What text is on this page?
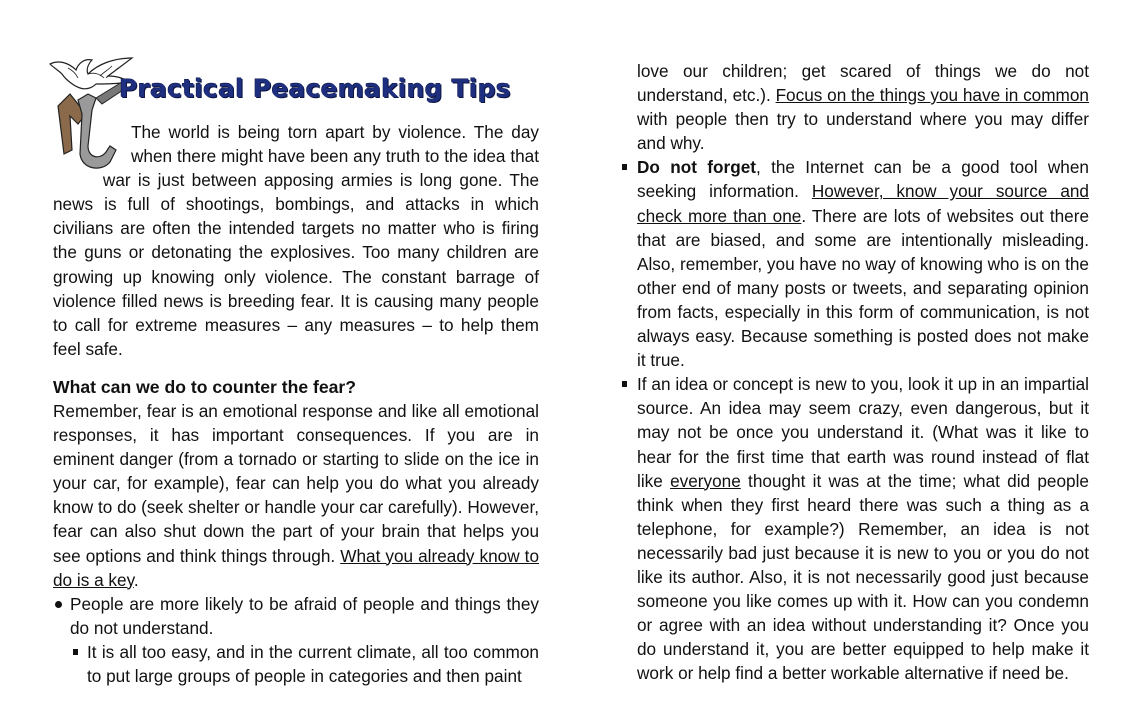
Practical Peacemaking Tips

The world is being torn apart by violence. The day when there might have been any truth to the idea that war is just between apposing armies is long gone. The news is full of shootings, bombings, and attacks in which civilians are often the intended targets no matter who is firing the guns or detonating the explosives. Too many children are growing up knowing only violence. The constant barrage of violence filled news is breeding fear. It is causing many people to call for extreme measures – any measures – to help them feel safe.

What can we do to counter the fear?

Remember, fear is an emotional response and like all emotional responses, it has important consequences. If you are in eminent danger (from a tornado or starting to slide on the ice in your car, for example), fear can help you do what you already know to do (seek shelter or handle your car carefully). However, fear can also shut down the part of your brain that helps you see options and think things through. What you already know to do is a key.

People are more likely to be afraid of people and things they do not understand.
It is all too easy, and in the current climate, all too common to put large groups of people in categories and then paint

love our children; get scared of things we do not understand, etc.). Focus on the things you have in common with people then try to understand where you may differ and why.

Do not forget, the Internet can be a good tool when seeking information. However, know your source and check more than one. There are lots of websites out there that are biased, and some are intentionally misleading. Also, remember, you have no way of knowing who is on the other end of many posts or tweets, and separating opinion from facts, especially in this form of communication, is not always easy. Because something is posted does not make it true.
If an idea or concept is new to you, look it up in an impartial source. An idea may seem crazy, even dangerous, but it may not be once you understand it. (What was it like to hear for the first time that earth was round instead of flat like everyone thought it was at the time; what did people think when they first heard there was such a thing as a telephone, for example?) Remember, an idea is not necessarily bad just because it is new to you or you do not like its author. Also, it is not necessarily good just because someone you like comes up with it. How can you condemn or agree with an idea without understanding it? Once you do understand it, you are better equipped to help make it work or help find a better workable alternative if need be.
